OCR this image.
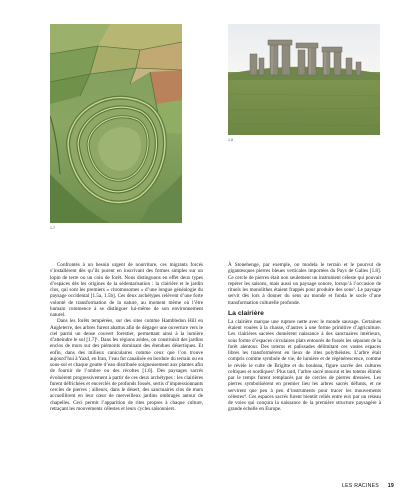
1.7
1.8

Confrontés à un besoin urgent de nourriture, ces migrants forcés s’installèrent dès qu’ils purent en inscrivant des formes simples sur un lopin de terre ou un coin de forêt. Nous distinguons en effet deux types d’espaces dès les origines de la sédentarisation : la clairière et le jardin clos, qui sont les premiers « chromosomes » d’une longue généalogie du paysage occidental [1.5a, 1.5b]. Ces deux archétypes relèvent d’une forte volonté de transformation de la nature, au moment même où l’être humain commence à se distinguer lui-même de son environnement naturel.

Dans les forêts tempérées, sur des sites comme Hambledon Hill en Angleterre, des arbres furent abattus afin de dégager une ouverture vers le ciel parmi un dense couvert forestier, permettant ainsi à la lumière d’atteindre le sol [1.7]¹. Dans les régions arides, on construisit des jardins enclos de murs sur des piémonts dominant des étendues désertiques. Et enfin, dans des milieux caniculaires comme ceux que l’on trouve aujourd’hui à Yazd, en Iran, l’eau fut canalisée en bordure du terrain ou en sous-sol et chaque goutte d’eau distribuée soigneusement aux plantes afin de fournir de l’ombre ou des récoltes [1.6]. Des paysages sacrés évoluèrent progressivement à partir de ces deux archétypes : les clairières furent défrichées et encerclés de profonds fossés, sertis d’impressionnants cercles de pierres ; ailleurs, dans le désert, des sanctuaires clos de murs accueillirent en leur cœur de merveilleux jardins ombragés autour de chapelles. Ceci permit l’apparition de rites propres à chaque culture, retraçant les mouvements célestes et leurs cycles saisonniers.

À Stonehenge, par exemple, on modela le terrain et le pourvut de gigantesques pierres bleues verticales importées du Pays de Galles [1.8]. Ce cercle de pierres était non seulement un instrument céleste qui pouvait repérer les saisons, mais aussi un paysage sonore, lorsqu’à l’occasion de rituels les monolithes étaient frappés pour produire des sons². Le paysage servit dès lors à donner du sens au monde et fonda le socle d’une transformation culturelle profonde.

La clairière

La clairière marque une rupture nette avec le monde sauvage. Certaines étaient vouées à la chasse, d’autres à une forme primitive d’agriculture. Les clairières sacrées donnèrent naissance à des sanctuaires intérieurs, sous forme d’espaces circulaires plats entourés de fossés les séparant de la forêt alentour. Des totems et palissades délimitant ces vastes espaces libres les transformèrent en lieux de rites polythéistes. L’arbre était compris comme symbole de vie, de lumière et de régénérescence, comme le révèle le culte de Brigitte et du bouleau, figure sacrée des cultures celtiques et nordiques³. Plus tard, l’arbre sacré mourut et les totems élimés par le temps furent remplacés par de cercles de pierres dressées. Les pierres symbolisèrent en premier lieu les arbres sacrés défunts, et ne servirent que peu à peu d’instruments pour tracer les mouvements célestes⁴. Ces espaces sacrés furent bientôt reliés entre eux par un réseau de voies qui conçura la naissance de la première structure paysagère à grande échelle en Europe.

LES RACINES 19
